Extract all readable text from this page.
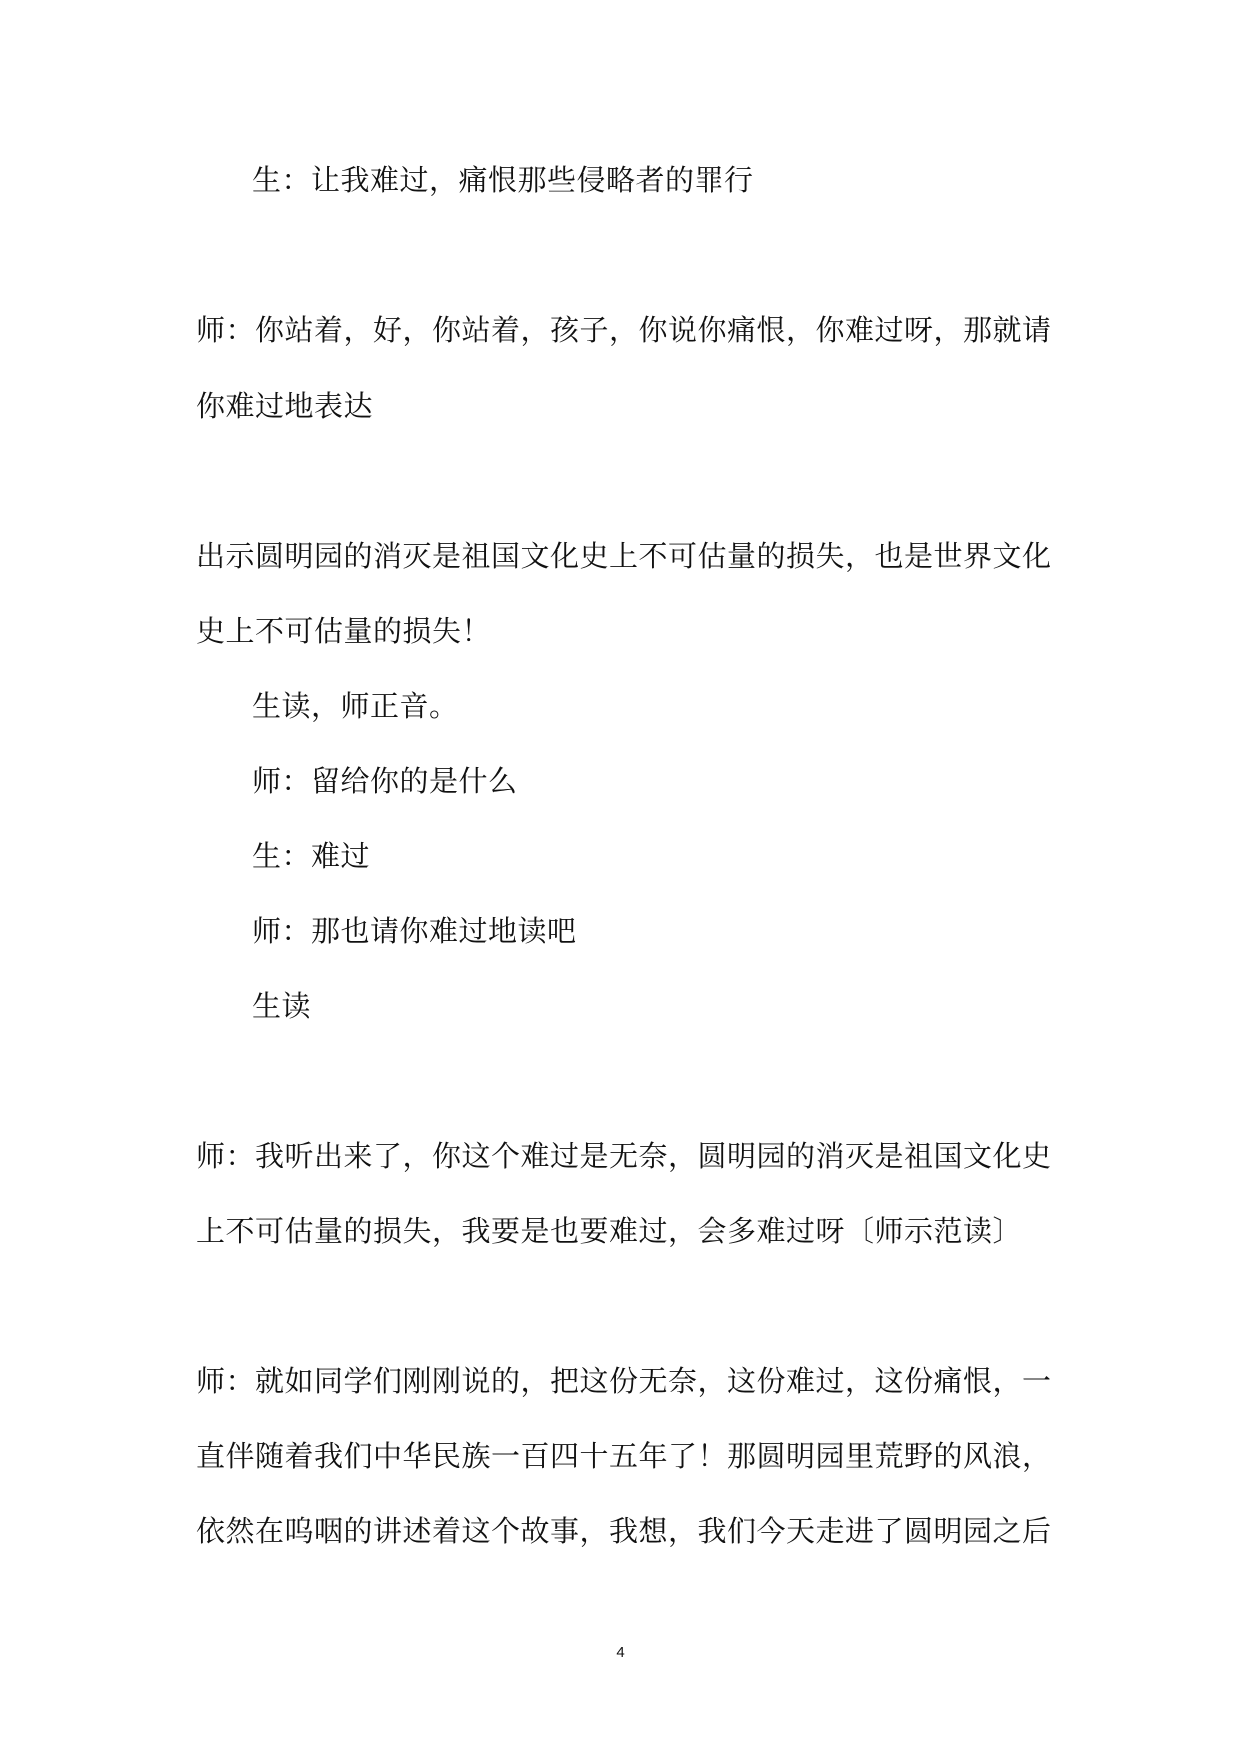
生：让我难过，痛恨那些侵略者的罪行
师：你站着，好，你站着，孩子，你说你痛恨，你难过呀，那就请
你难过地表达
出示圆明园的消灭是祖国文化史上不可估量的损失，也是世界文化
史上不可估量的损失！
生读，师正音。
师：留给你的是什么
生：难过
师：那也请你难过地读吧
生读
师：我听出来了，你这个难过是无奈，圆明园的消灭是祖国文化史
上不可估量的损失，我要是也要难过，会多难过呀〔师示范读〕
师：就如同学们刚刚说的，把这份无奈，这份难过，这份痛恨，一
直伴随着我们中华民族一百四十五年了！那圆明园里荒野的风浪，
依然在呜咽的讲述着这个故事，我想，我们今天走进了圆明园之后
4
